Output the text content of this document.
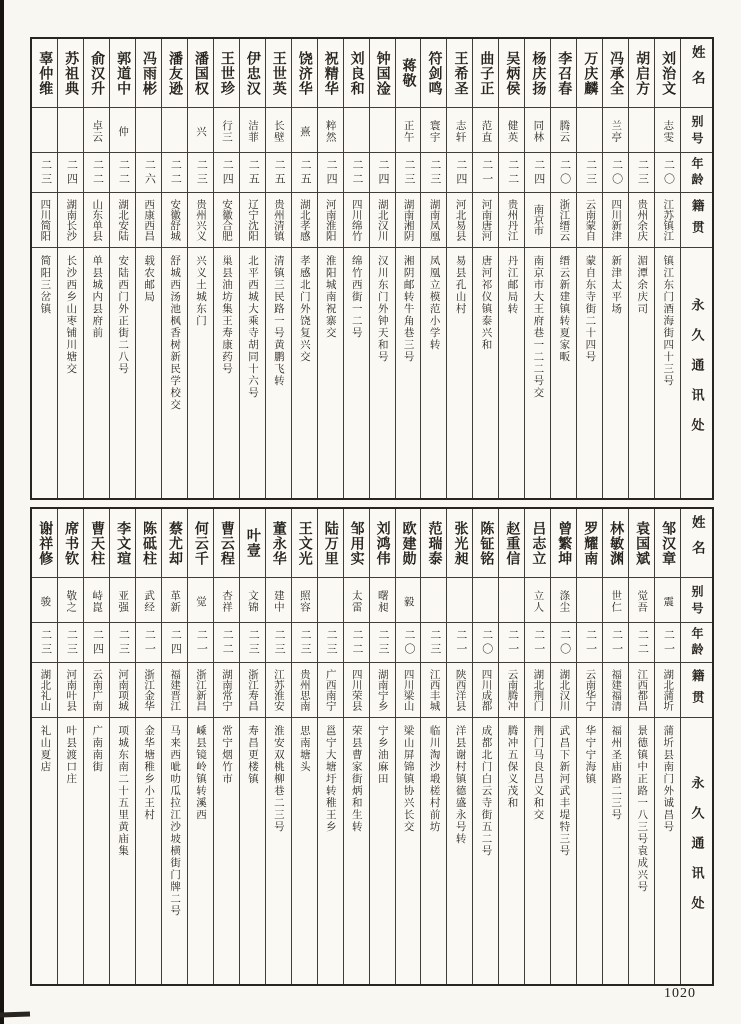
姓名
别号
年龄
籍贯
永久通讯处
刘治文
志雯
二〇
江苏镇江
镇江东门酒海街四十三号
胡启方
二三
贵州余庆
湄潭余庆司
冯承全
兰亭
二〇
四川新津
新津太平场
万庆麟
二三
云南蒙自
蒙自东寺街二十四号
李召春
腾云
二〇
浙江缙云
缙云新建镇转夏家畈
杨庆扬
同林
二四
南京市
南京市大王府巷一二二号交
吴炳侯
健英
二二
贵州丹江
丹江邮局转
曲子正
范直
二一
河南唐河
唐河祁仪镇泰兴和
王希圣
志轩
二四
河北易县
易县孔山村
符剑鸣
寰宇
二三
湖南凤凰
凤凰立模范小学转
蒋敬
正午
二三
湖南湘阴
湘阴邮转牛角巷三号
钟国淦
二四
湖北汉川
汉川东门外钟天和号
刘良和
二二
四川绵竹
绵竹西街一二号
祝精华
粹然
二四
河南淮阳
淮阳城南祝寨交
饶济华
熹
二五
湖北孝感
孝感北门外饶复兴交
王世英
长壁
二五
贵州清镇
清镇三民路一号黄鹏飞转
伊忠汉
洁菲
二五
辽宁沈阳
北平西城大乘寺胡同十六号
王世珍
行三
二四
安徽合肥
巢县油坊集王寿康药号
潘国权
兴
二三
贵州兴义
兴义土城东门
潘友逊
二二
安徽舒城
舒城西汤池枫香树新民学校交
冯雨彬
二六
西康西昌
载农邮局
郭道中
仲
二二
湖北安陆
安陆西门外正街二八号
俞汉升
卓云
二二
山东单县
单县城内县府前
苏祖典
二四
湖南长沙
长沙西乡山枣铺川塘交
辜仲维
二三
四川简阳
简阳三岔镇
姓名
别号
年龄
籍贯
永久通讯处
邹汉章
震
二一
湖北蒲圻
蒲圻县南门外诚昌号
袁国斌
觉吾
二二
江西都昌
景德镇中正路一八三号袁成兴号
林敏渊
世仁
二一
福建福清
福州圣庙路二三号
罗耀南
二一
云南华宁
华宁宁海镇
曾繁坤
涤尘
二〇
湖北汉川
武昌下新河武丰堤特三号
吕志立
立人
二一
湖北荆门
荆门马良吕义和交
赵重信
二一
云南腾冲
腾冲五保义茂和
陈钲铭
二〇
四川成都
成都北门白云寺街五二号
张光昶
二一
陕西洋县
洋县谢村镇德盛永号转
范瑞泰
二三
江西丰城
临川淘沙塅槎村前坊
欧建勋
毅
二〇
四川梁山
梁山屏锦镇协兴长交
刘鸿伟
曙昶
二三
湖南宁乡
宁乡油麻田
邹用实
太雷
二二
四川荣县
荣县曹家街炳和生转
陆万里
二三
广西南宁
邕宁大塘圩转稚王乡
王文光
照容
二三
贵州思南
思南塘头
董永华
建中
二三
江苏淮安
淮安双桃柳巷二三号
叶壹
文锦
二三
浙江寿昌
寿昌更楼镇
曹云程
杏祥
二二
湖南常宁
常宁烟竹市
何云千
觉
二一
浙江新昌
嵊县镜岭镇转溪西
蔡尤却
革新
二四
福建晋江
马来西呲叻瓜拉江沙坡横街门牌二号
陈砥柱
武经
二一
浙江金华
金华塘稚乡小王村
李文瑄
亚强
二三
河南项城
项城东南二十五里黄庙集
曹天柱
峙崑
二四
云南广南
广南南街
席书钦
敬之
二三
河南叶县
叶县渡口庄
谢祥修
骏
二三
湖北礼山
礼山夏店
1020
